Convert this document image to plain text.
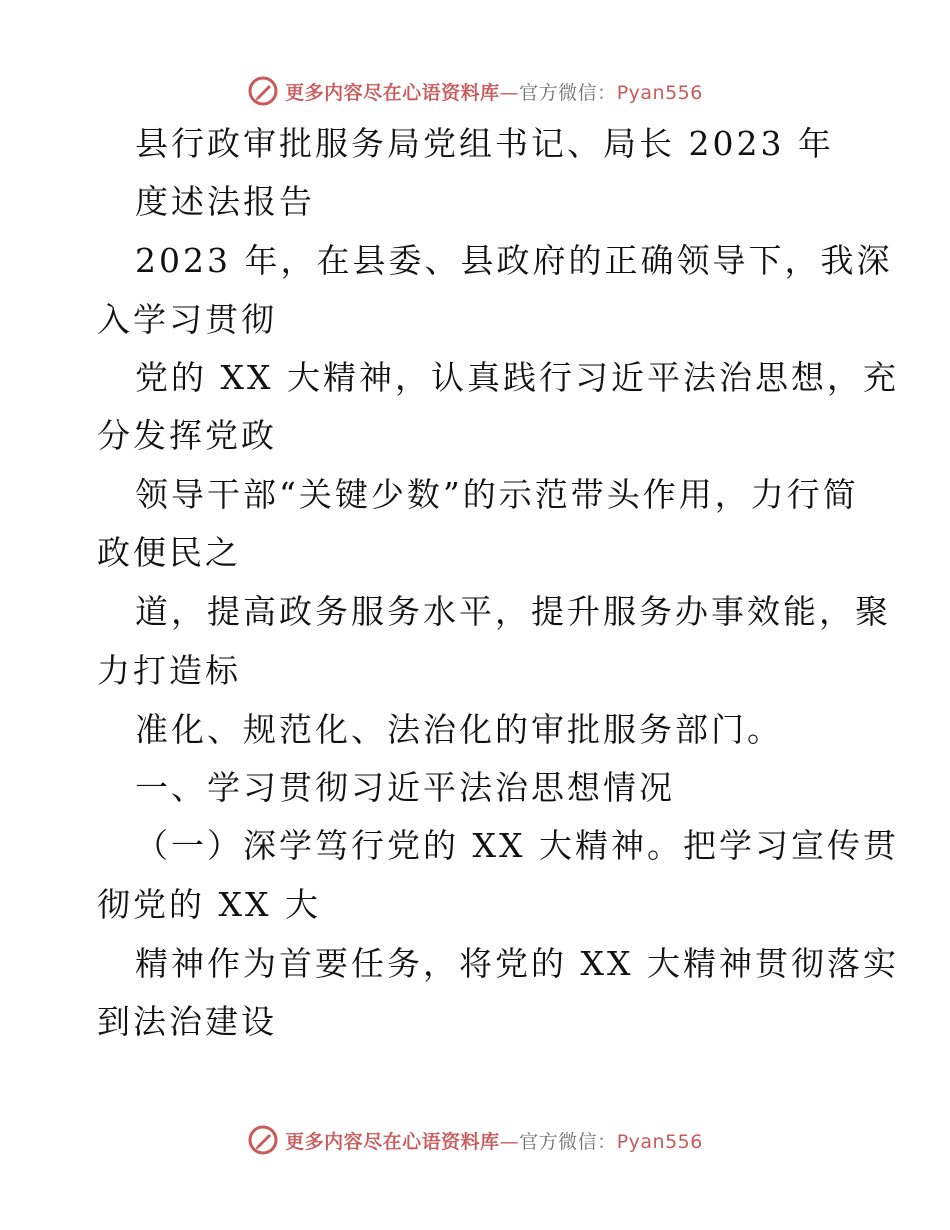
更多内容尽在心语资料库—官方微信：Pyan556
县行政审批服务局党组书记、局长 2023 年
度述法报告
2023 年，在县委、县政府的正确领导下，我深
入学习贯彻
党的 XX 大精神，认真践行习近平法治思想，充
分发挥党政
领导干部“关键少数”的示范带头作用，力行简
政便民之
道，提高政务服务水平，提升服务办事效能，聚
力打造标
准化、规范化、法治化的审批服务部门。
一、学习贯彻习近平法治思想情况
（一）深学笃行党的 XX 大精神。把学习宣传贯
彻党的 XX 大
精神作为首要任务，将党的 XX 大精神贯彻落实
到法治建设
更多内容尽在心语资料库—官方微信：Pyan556
